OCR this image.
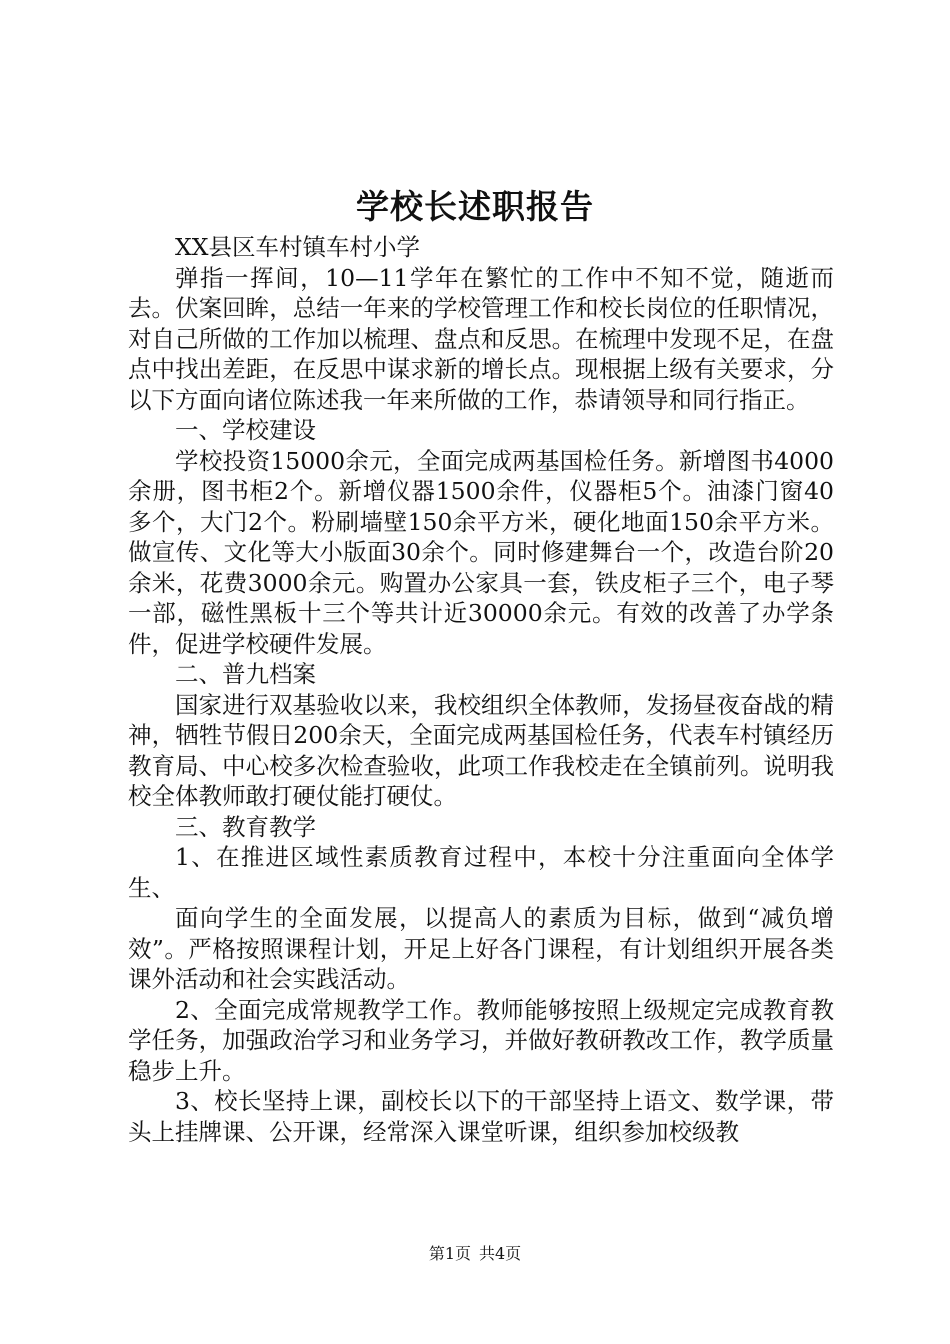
学校长述职报告

XX县区车村镇车村小学

弹指一挥间，10—11学年在繁忙的工作中不知不觉，随逝而去。伏案回眸，总结一年来的学校管理工作和校长岗位的任职情况，对自己所做的工作加以梳理、盘点和反思。在梳理中发现不足，在盘点中找出差距，在反思中谋求新的增长点。现根据上级有关要求，分以下方面向诸位陈述我一年来所做的工作，恭请领导和同行指正。

一、学校建设

学校投资15000余元，全面完成两基国检任务。新增图书4000余册，图书柜2个。新增仪器1500余件，仪器柜5个。油漆门窗40多个，大门2个。粉刷墙壁150余平方米，硬化地面150余平方米。做宣传、文化等大小版面30余个。同时修建舞台一个，改造台阶20余米，花费3000余元。购置办公家具一套，铁皮柜子三个，电子琴一部，磁性黑板十三个等共计近30000余元。有效的改善了办学条件，促进学校硬件发展。

二、普九档案

国家进行双基验收以来，我校组织全体教师，发扬昼夜奋战的精神，牺牲节假日200余天，全面完成两基国检任务，代表车村镇经历教育局、中心校多次检查验收，此项工作我校走在全镇前列。说明我校全体教师敢打硬仗能打硬仗。

三、教育教学

1、在推进区域性素质教育过程中，本校十分注重面向全体学生、

面向学生的全面发展，以提高人的素质为目标，做到“减负增效”。严格按照课程计划，开足上好各门课程，有计划组织开展各类课外活动和社会实践活动。

2、全面完成常规教学工作。教师能够按照上级规定完成教育教学任务，加强政治学习和业务学习，并做好教研教改工作，教学质量稳步上升。

3、校长坚持上课，副校长以下的干部坚持上语文、数学课，带头上挂牌课、公开课，经常深入课堂听课，组织参加校级教

第1页 共4页
